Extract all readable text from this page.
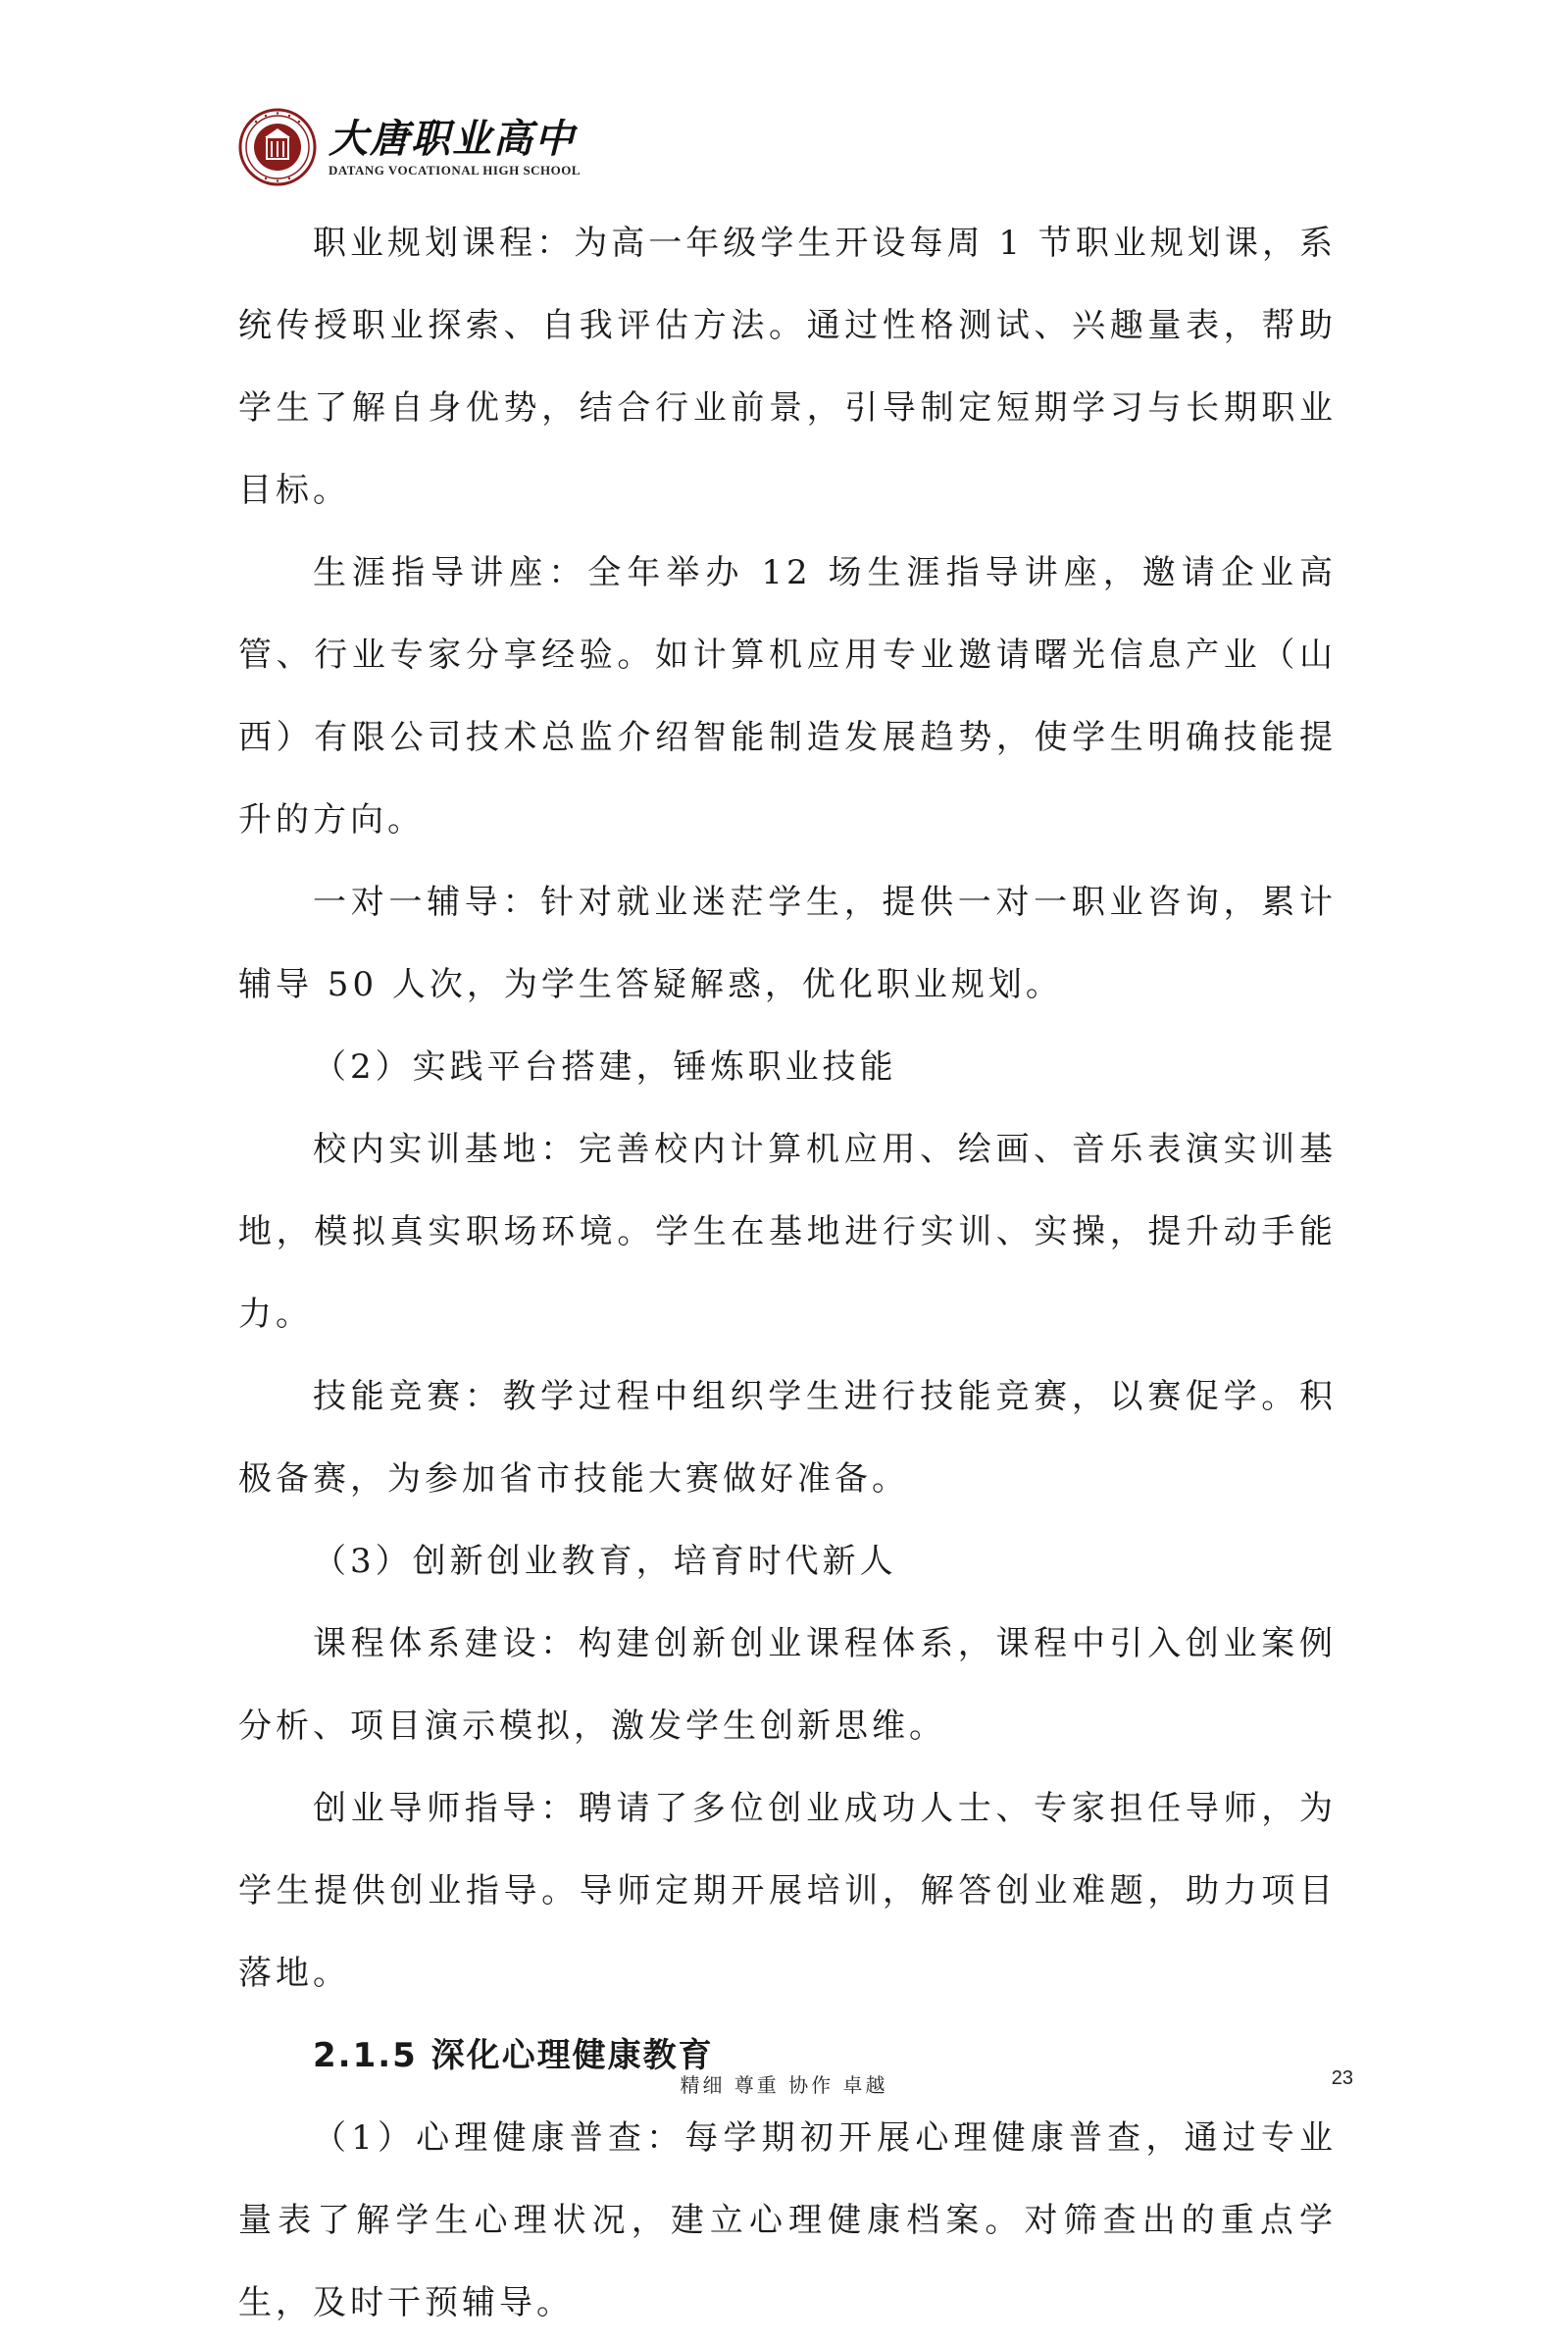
大唐职业高中
DATANG VOCATIONAL HIGH SCHOOL

职业规划课程：为高一年级学生开设每周 1 节职业规划课，系统传授职业探索、自我评估方法。通过性格测试、兴趣量表，帮助学生了解自身优势，结合行业前景，引导制定短期学习与长期职业目标。

生涯指导讲座：全年举办 12 场生涯指导讲座，邀请企业高管、行业专家分享经验。如计算机应用专业邀请曙光信息产业（山西）有限公司技术总监介绍智能制造发展趋势，使学生明确技能提升的方向。

一对一辅导：针对就业迷茫学生，提供一对一职业咨询，累计辅导 50 人次，为学生答疑解惑，优化职业规划。

（2）实践平台搭建，锤炼职业技能

校内实训基地：完善校内计算机应用、绘画、音乐表演实训基地，模拟真实职场环境。学生在基地进行实训、实操，提升动手能力。

技能竞赛：教学过程中组织学生进行技能竞赛，以赛促学。积极备赛，为参加省市技能大赛做好准备。

（3）创新创业教育，培育时代新人

课程体系建设：构建创新创业课程体系，课程中引入创业案例分析、项目演示模拟，激发学生创新思维。

创业导师指导：聘请了多位创业成功人士、专家担任导师，为学生提供创业指导。导师定期开展培训，解答创业难题，助力项目落地。

2.1.5 深化心理健康教育

（1）心理健康普查：每学期初开展心理健康普查，通过专业量表了解学生心理状况，建立心理健康档案。对筛查出的重点学生，及时干预辅导。

精细 尊重 协作 卓越	23
